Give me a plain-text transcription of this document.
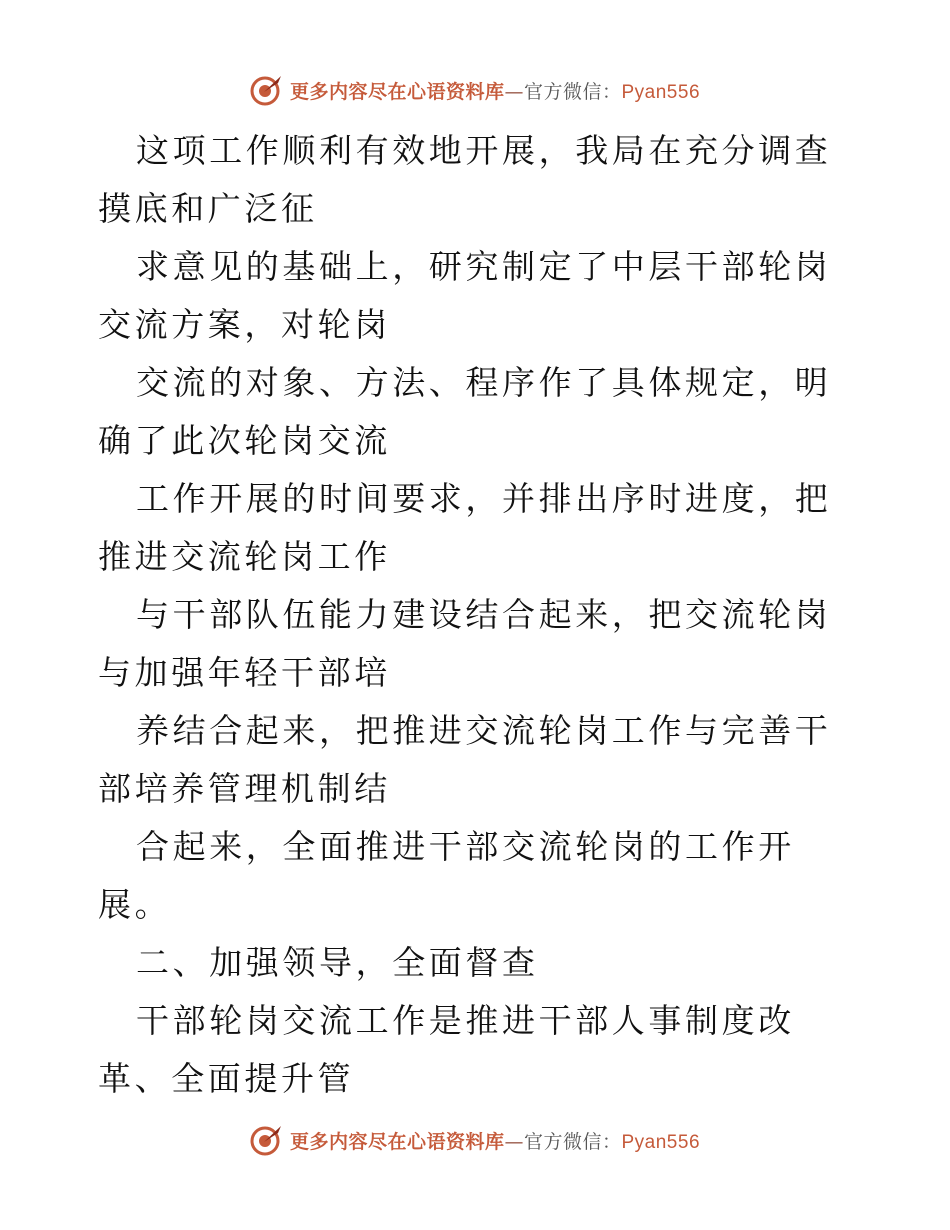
更多内容尽在心语资料库 — 官方微信： Pyan556

这项工作顺利有效地开展，我局在充分调查摸底和广泛征

求意见的基础上，研究制定了中层干部轮岗交流方案，对轮岗

交流的对象、方法、程序作了具体规定，明确了此次轮岗交流

工作开展的时间要求，并排出序时进度，把推进交流轮岗工作

与干部队伍能力建设结合起来，把交流轮岗与加强年轻干部培

养结合起来，把推进交流轮岗工作与完善干部培养管理机制结

合起来，全面推进干部交流轮岗的工作开展。

二、加强领导，全面督查

干部轮岗交流工作是推进干部人事制度改革、全面提升管

更多内容尽在心语资料库 — 官方微信： Pyan556
